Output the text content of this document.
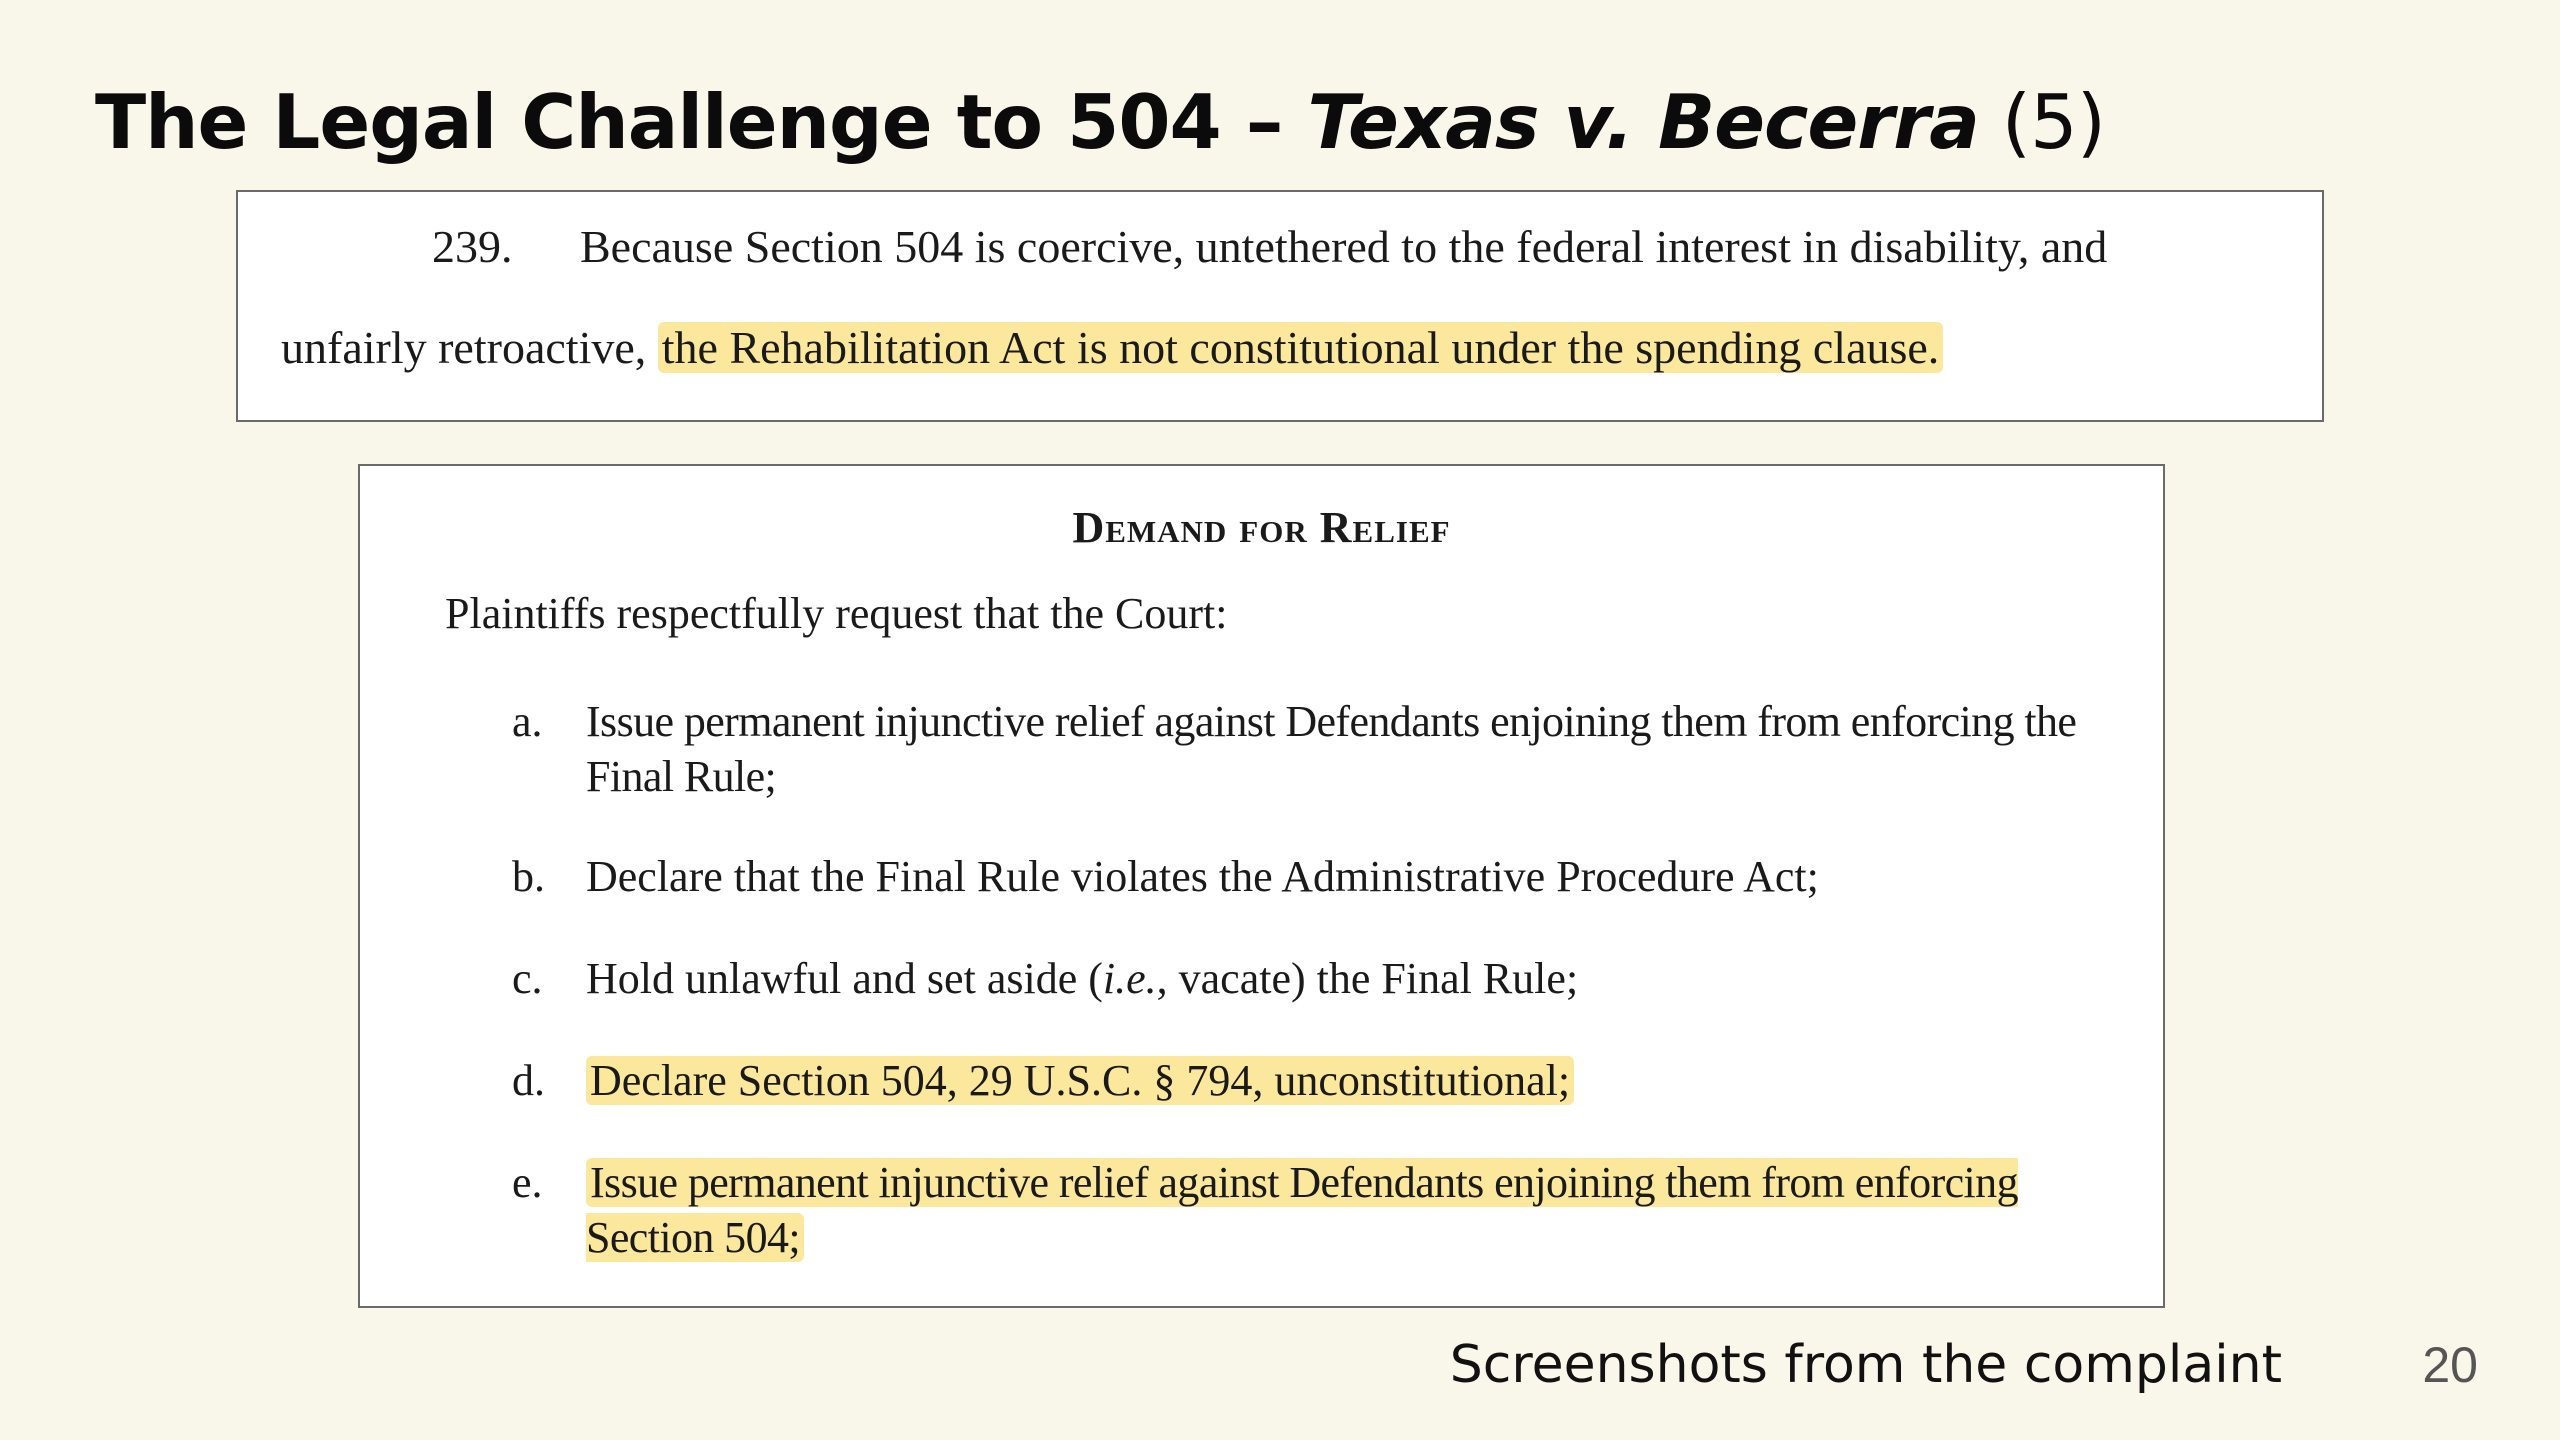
The Legal Challenge to 504 – Texas v. Becerra (5)
239. Because Section 504 is coercive, untethered to the federal interest in disability, and
unfairly retroactive, the Rehabilitation Act is not constitutional under the spending clause.
Demand for Relief
Plaintiffs respectfully request that the Court:
a. Issue permanent injunctive relief against Defendants enjoining them from enforcing the Final Rule;
b. Declare that the Final Rule violates the Administrative Procedure Act;
c. Hold unlawful and set aside (i.e., vacate) the Final Rule;
d. Declare Section 504, 29 U.S.C. § 794, unconstitutional;
e. Issue permanent injunctive relief against Defendants enjoining them from enforcing Section 504;
Screenshots from the complaint	20
